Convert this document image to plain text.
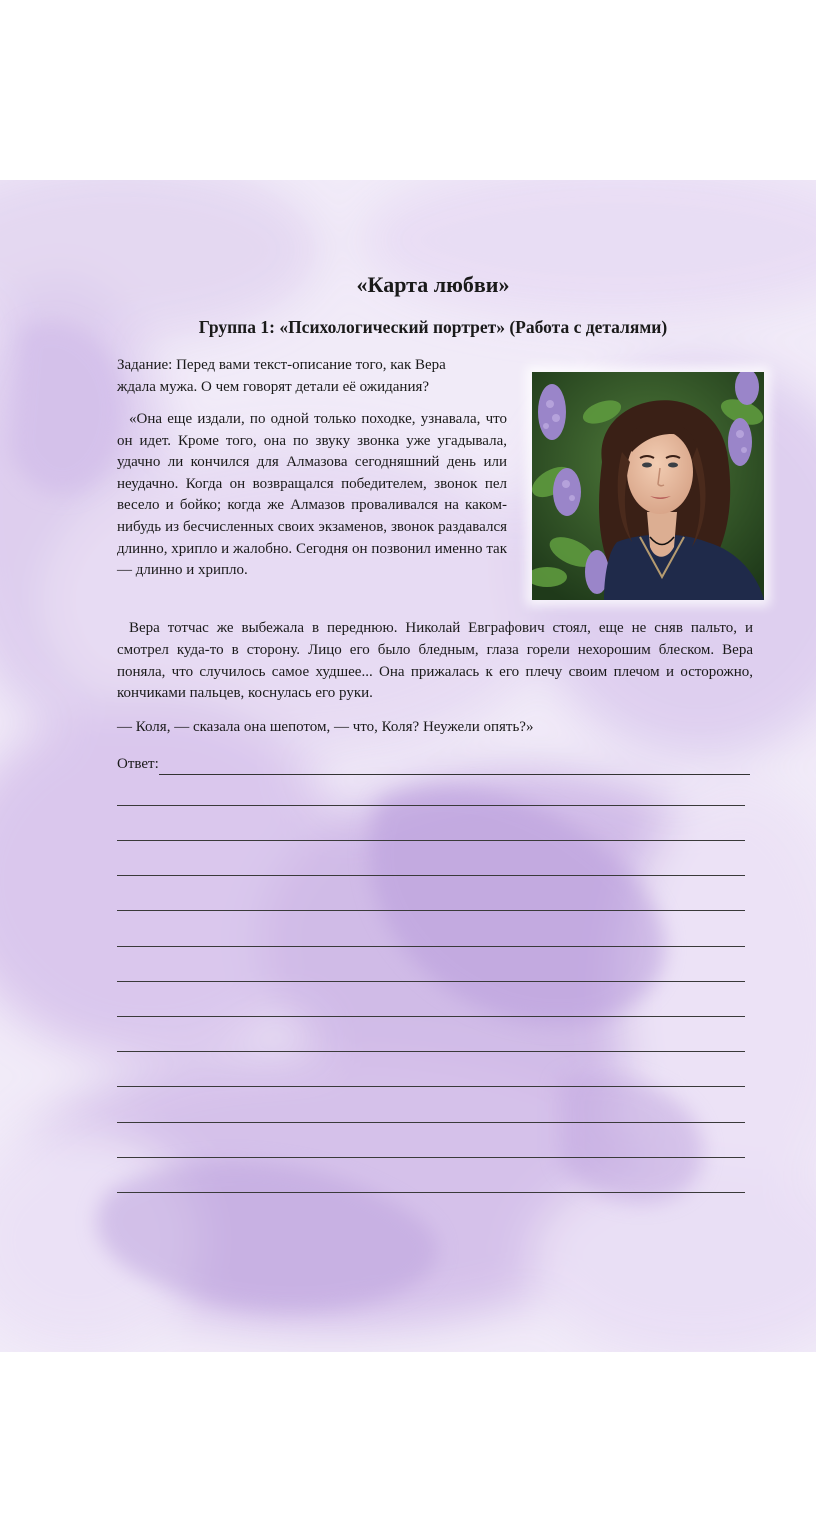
«Карта любви»
Группа 1: «Психологический портрет» (Работа с деталями)
Задание: Перед вами текст-описание того, как Вера ждала мужа. О чем говорят детали её ожидания?
«Она еще издали, по одной только походке, узнавала, что он идет. Кроме того, она по звуку звонка уже угадывала, удачно ли кончился для Алмазова сегодняшний день или неудачно. Когда он возвращался победителем, звонок пел весело и бойко; когда же Алмазов проваливался на каком-нибудь из бесчисленных своих экзаменов, звонок раздавался длинно, хрипло и жалобно. Сегодня он позвонил именно так — длинно и хрипло.
Вера тотчас же выбежала в переднюю. Николай Евграфович стоял, еще не сняв пальто, и смотрел куда-то в сторону. Лицо его было бледным, глаза горели нехорошим блеском. Вера поняла, что случилось самое худшее... Она прижалась к его плечу своим плечом и осторожно, кончиками пальцев, коснулась его руки.
— Коля, — сказала она шепотом, — что, Коля? Неужели опять?»
Ответ:
